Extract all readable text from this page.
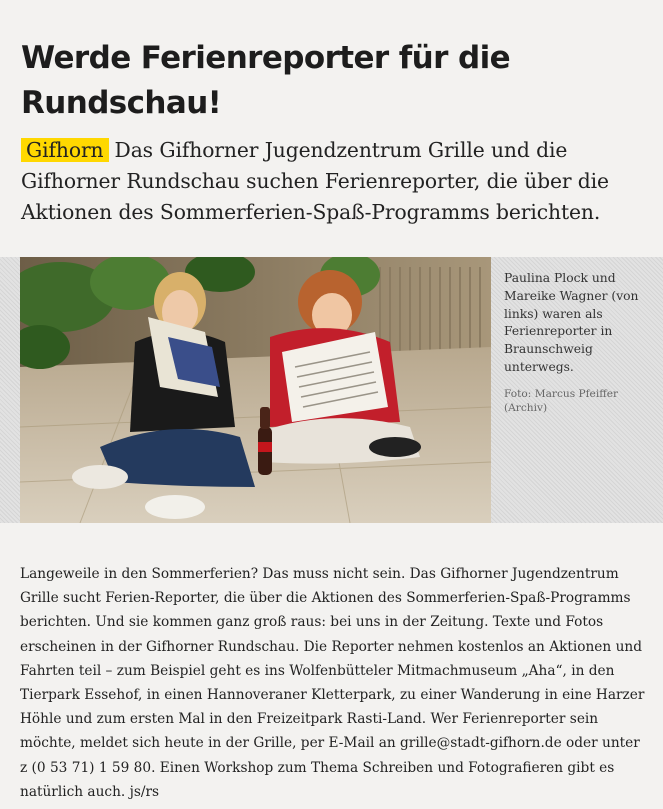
Werde Ferienreporter für die Rundschau!

Gifhorn Das Gifhorner Jugendzentrum Grille und die Gifhorner Rundschau suchen Ferienreporter, die über die Aktionen des Sommerferien-Spaß-Programms berichten.

Paulina Plock und Mareike Wagner (von links) waren als Ferienreporter in Braunschweig unterwegs.

Foto: Marcus Pfeiffer (Archiv)

Langeweile in den Sommerferien? Das muss nicht sein. Das Gifhorner Jugendzentrum Grille sucht Ferien-Reporter, die über die Aktionen des Sommerferien-Spaß-Programms berichten. Und sie kommen ganz groß raus: bei uns in der Zeitung. Texte und Fotos erscheinen in der Gifhorner Rundschau. Die Reporter nehmen kostenlos an Aktionen und Fahrten teil – zum Beispiel geht es ins Wolfenbütteler Mitmachmuseum „Aha“, in den Tierpark Essehof, in einen Hannoveraner Kletterpark, zu einer Wanderung in eine Harzer Höhle und zum ersten Mal in den Freizeitpark Rasti-Land. Wer Ferienreporter sein möchte, meldet sich heute in der Grille, per E-Mail an grille@stadt-gifhorn.de oder unter z (0 53 71) 1 59 80. Einen Workshop zum Thema Schreiben und Fotografieren gibt es natürlich auch. js/rs
